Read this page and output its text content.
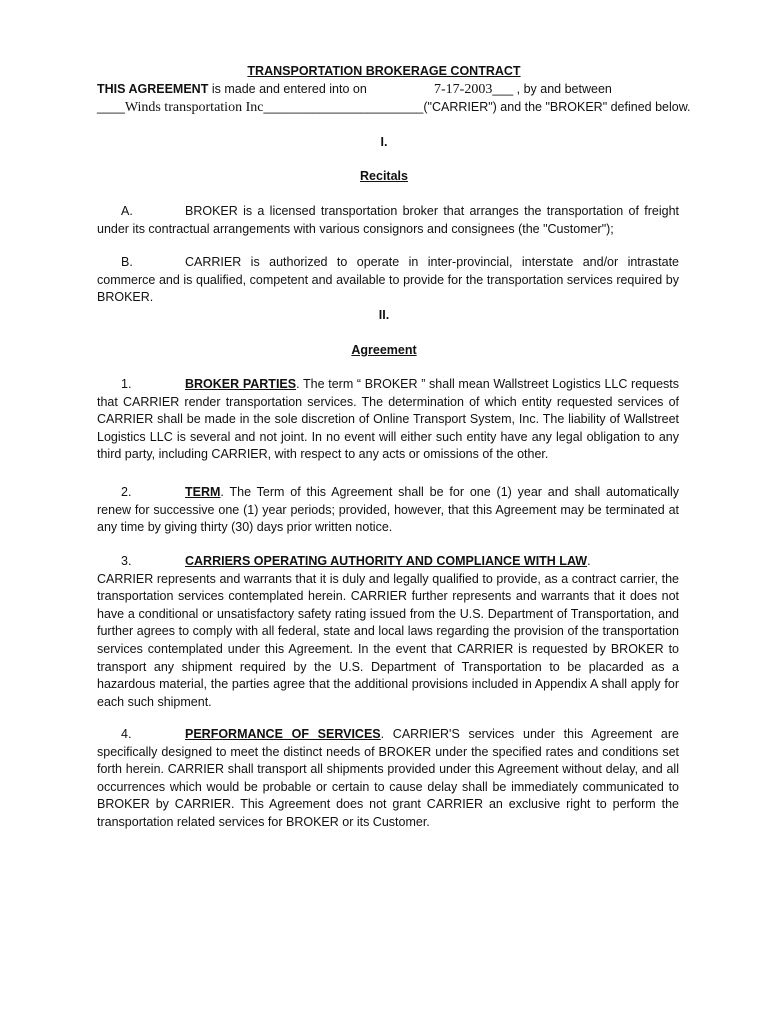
TRANSPORTATION BROKERAGE CONTRACT
THIS AGREEMENT is made and entered into on	7-17-2003___ , by and between
____Winds transportation Inc_______________________("CARRIER") and the "BROKER" defined below.
I.
Recitals

A.	BROKER is a licensed transportation broker that arranges the transportation of freight under its contractual arrangements with various consignors and consignees (the "Customer");

B.	CARRIER is authorized to operate in inter-provincial, interstate and/or intrastate commerce and is qualified, competent and available to provide for the transportation services required by BROKER.

II.
Agreement

1.	BROKER PARTIES. The term “ BROKER ” shall mean Wallstreet Logistics LLC requests that CARRIER render transportation services. The determination of which entity requested services of CARRIER shall be made in the sole discretion of Online Transport System, Inc. The liability of Wallstreet Logistics LLC is several and not joint. In no event will either such entity have any legal obligation to any third party, including CARRIER, with respect to any acts or omissions of the other.

2.	TERM. The Term of this Agreement shall be for one (1) year and shall automatically renew for successive one (1) year periods; provided, however, that this Agreement may be terminated at any time by giving thirty (30) days prior written notice.

3.	CARRIERS OPERATING AUTHORITY AND COMPLIANCE WITH LAW.

CARRIER represents and warrants that it is duly and legally qualified to provide, as a contract carrier, the transportation services contemplated herein. CARRIER further represents and warrants that it does not have a conditional or unsatisfactory safety rating issued from the U.S. Department of Transportation, and further agrees to comply with all federal, state and local laws regarding the provision of the transportation services contemplated under this Agreement. In the event that CARRIER is requested by BROKER to transport any shipment required by the U.S. Department of Transportation to be placarded as a hazardous material, the parties agree that the additional provisions included in Appendix A shall apply for each such shipment.

4.	PERFORMANCE OF SERVICES. CARRIER'S services under this Agreement are specifically designed to meet the distinct needs of BROKER under the specified rates and conditions set forth herein. CARRIER shall transport all shipments provided under this Agreement without delay, and all occurrences which would be probable or certain to cause delay shall be immediately communicated to BROKER by CARRIER. This Agreement does not grant CARRIER an exclusive right to perform the transportation related services for BROKER or its Customer.
